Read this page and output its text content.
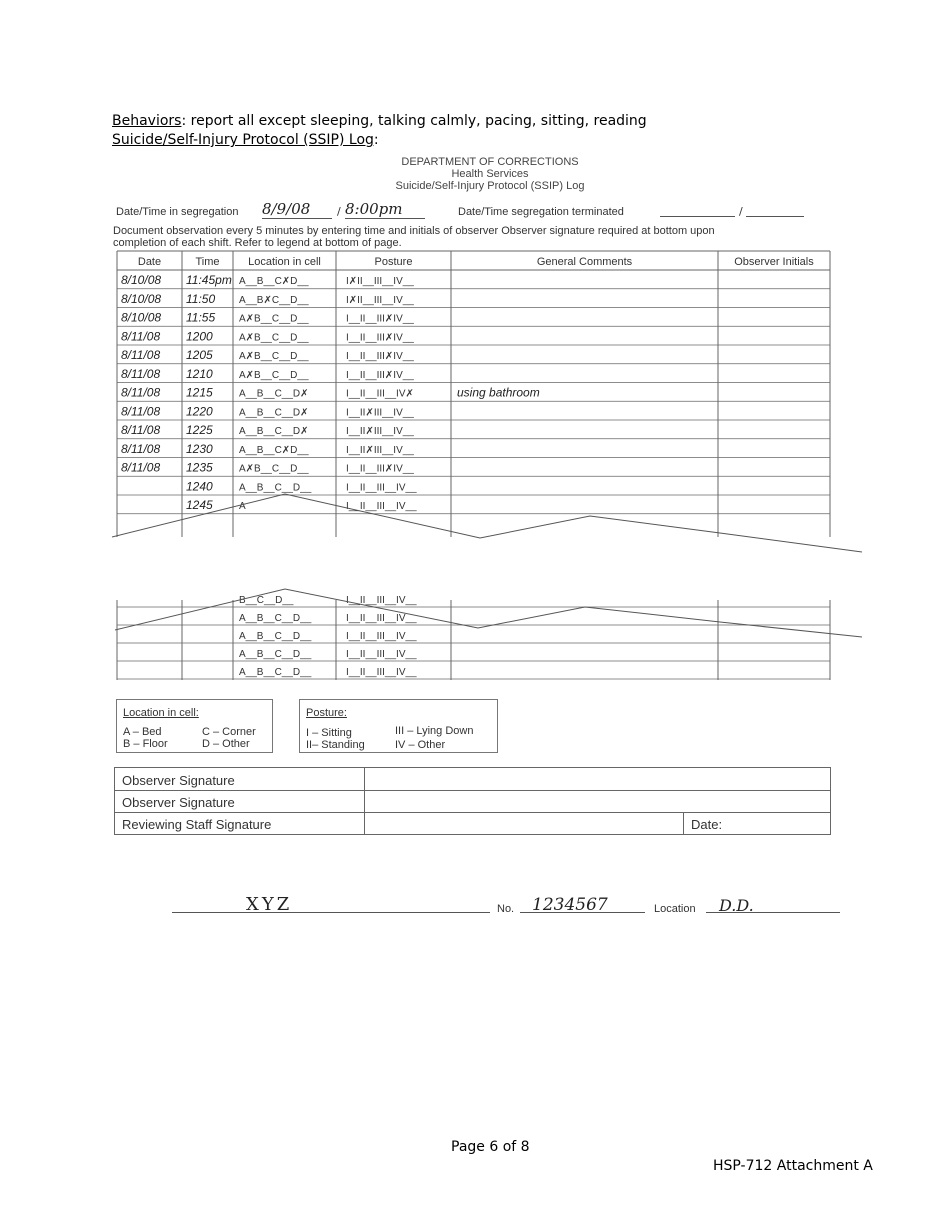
Behaviors: report all except sleeping, talking calmly, pacing, sitting, reading
Suicide/Self-Injury Protocol (SSIP) Log:
DEPARTMENT OF CORRECTIONS
Health Services
Suicide/Self-Injury Protocol (SSIP) Log
Date/Time in segregation 8/9/08	/ 8:00pm	Date/Time segregation terminated	/
Document observation every 5 minutes by entering time and initials of observer Observer signature required at bottom upon
completion of each shift. Refer to legend at bottom of page.
Date	Time	Location in cell	Posture	General Comments	Observer Initials
8/10/08 11:45pm A__B__C✗D__	I✗II__III__IV__
8/10/08 11:50 A__B✗C__D__	I✗II__III__IV__
8/10/08 11:55 A✗B__C__D__	I__II__III✗IV__
8/11/08 1200	A✗B__C__D__	I__II__III✗IV__
8/11/08 1205	A✗B__C__D__	I__II__III✗IV__
8/11/08 1210	A✗B__C__D__	I__II__III✗IV__
8/11/08 1215	A__B__C__D✗	I__II__III__IV✗	using bathroom
8/11/08 1220	A__B__C__D✗	I__II✗III__IV__
8/11/08 1225	A__B__C__D✗	I__II✗III__IV__
8/11/08 1230	A__B__C✗D__	I__II✗III__IV__
8/11/08 1235	A✗B__C__D__	I__II__III✗IV__
1240	A__B__C__D__	I__II__III__IV__
1245	A	I__II__III__IV__
B__C__D__	I__II__III__IV__
A__B__C__D__	I__II__III__IV__
A__B__C__D__	I__II__III__IV__
A__B__C__D__	I__II__III__IV__
A__B__C__D__	I__II__III__IV__
Location in cell:
A – Bed	C – Corner
B – Floor	D – Other
Posture:
I – Sitting	III – Lying Down
II– Standing	IV – Other
Observer Signature
Observer Signature
Reviewing Staff Signature	Date:
XYZ	No. 1234567	Location D.D.
Page 6 of 8
HSP-712 Attachment A
